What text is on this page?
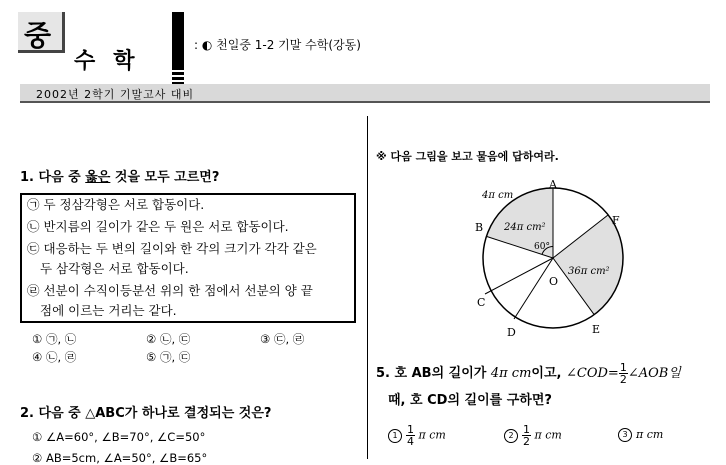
중
수학
: ◐ 천일중 1-2 기말 수학(강동)
2002년 2학기 기말고사 대비
1. 다음 중 옳은 것을 모두 고르면?
㉠ 두 정삼각형은 서로 합동이다.
㉡ 반지름의 길이가 같은 두 원은 서로 합동이다.
㉢ 대응하는 두 변의 길이와 한 각의 크기가 각각 같은
두 삼각형은 서로 합동이다.
㉣ 선분이 수직이등분선 위의 한 점에서 선분의 양 끝
점에 이르는 거리는 같다.
① ㉠, ㉡	② ㉡, ㉢	③ ㉢, ㉣
④ ㉡, ㉣	⑤ ㉠, ㉢
2. 다음 중 △ABC가 하나로 결정되는 것은?
① ∠A=60°, ∠B=70°, ∠C=50°
② AB=5cm, ∠A=50°, ∠B=65°
※ 다음 그림을 보고 물음에 답하여라.
A
B
C
D	E
F
O
4π cm
24π cm²
36π cm²
60°
5. 호 AB의 길이가 4π cm이고, ∠COD= $\frac{1}{2}$ ∠AOB일
때, 호 CD의 길이를 구하면?
$1 \frac{1}{4}$ π cm	$2 \frac{1}{2}$ π cm	3 π cm
